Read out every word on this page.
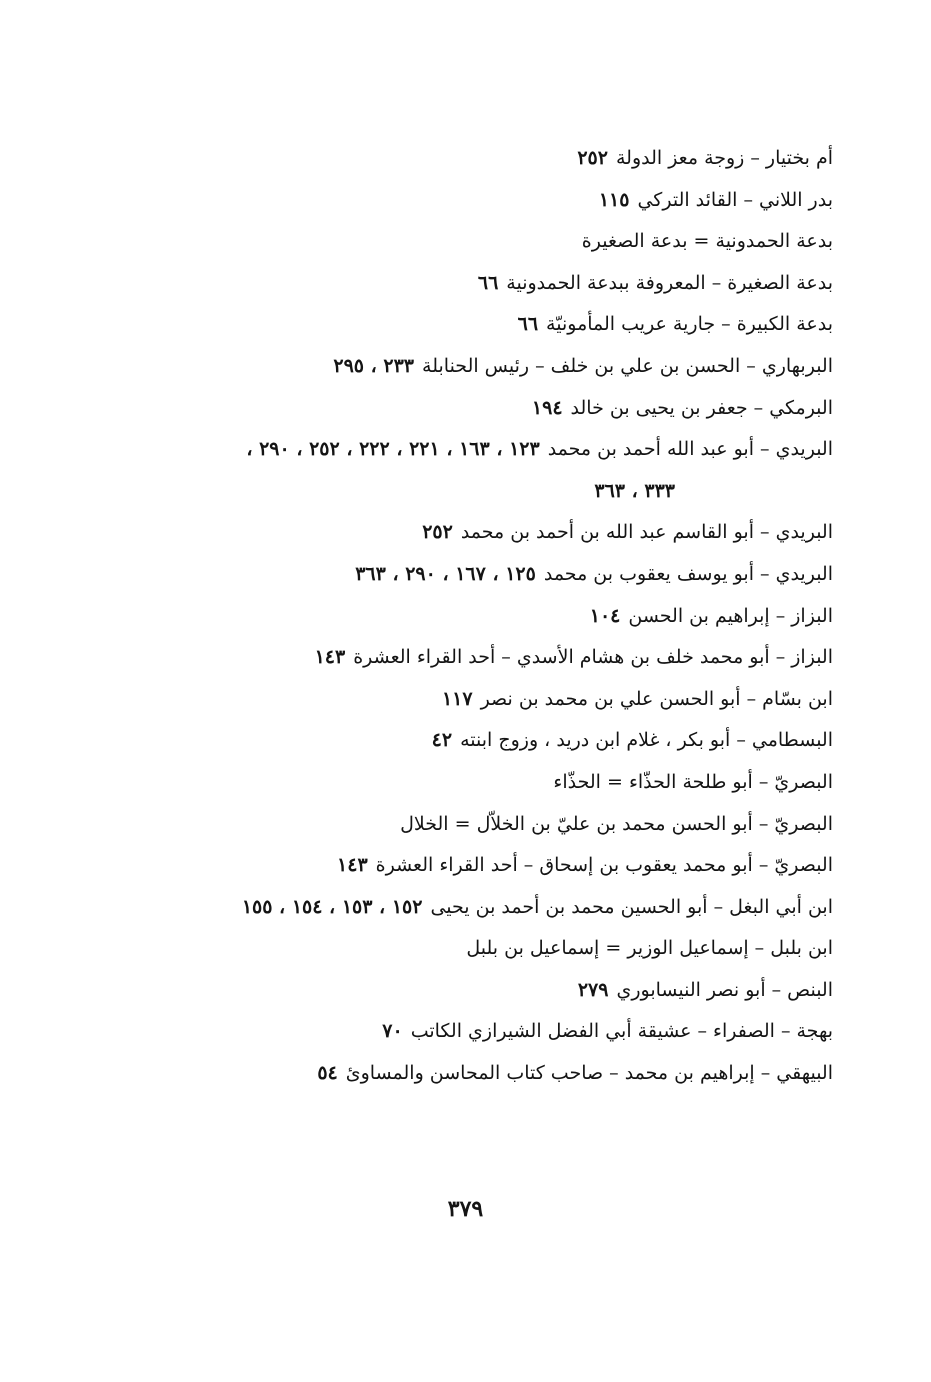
أم بختيار – زوجة معز الدولة٢٥٢
بدر اللاني – القائد التركي١١٥
بدعة الحمدونية = بدعة الصغيرة
بدعة الصغيرة – المعروفة ببدعة الحمدونية٦٦
بدعة الكبيرة – جارية عريب المأمونيّة٦٦
البربهاري – الحسن بن علي بن خلف – رئيس الحنابلة٢٣٣ ، ٢٩٥
البرمكي – جعفر بن يحيى بن خالد١٩٤
البريدي – أبو عبد الله أحمد بن محمد١٢٣ ، ١٦٣ ، ٢٢١ ، ٢٢٢ ، ٢٥٢ ، ٢٩٠ ،
٣٣٣ ، ٣٦٣
البريدي – أبو القاسم عبد الله بن أحمد بن محمد٢٥٢
البريدي – أبو يوسف يعقوب بن محمد١٢٥ ، ١٦٧ ، ٢٩٠ ، ٣٦٣
البزاز – إبراهيم بن الحسن١٠٤
البزاز – أبو محمد خلف بن هشام الأسدي – أحد القراء العشرة١٤٣
ابن بسّام – أبو الحسن علي بن محمد بن نصر١١٧
البسطامي – أبو بكر ، غلام ابن دريد ، وزوج ابنته٤٢
البصريّ – أبو طلحة الحذّاء = الحذّاء
البصريّ – أبو الحسن محمد بن عليّ بن الخلاّل = الخلال
البصريّ – أبو محمد يعقوب بن إسحاق – أحد القراء العشرة١٤٣
ابن أبي البغل – أبو الحسين محمد بن أحمد بن يحيى١٥٢ ، ١٥٣ ، ١٥٤ ، ١٥٥
ابن بلبل – إسماعيل الوزير = إسماعيل بن بلبل
البنص – أبو نصر النيسابوري٢٧٩
بهجة – الصفراء – عشيقة أبي الفضل الشيرازي الكاتب٧٠
البيهقي – إبراهيم بن محمد – صاحب كتاب المحاسن والمساوئ٥٤
٣٧٩
